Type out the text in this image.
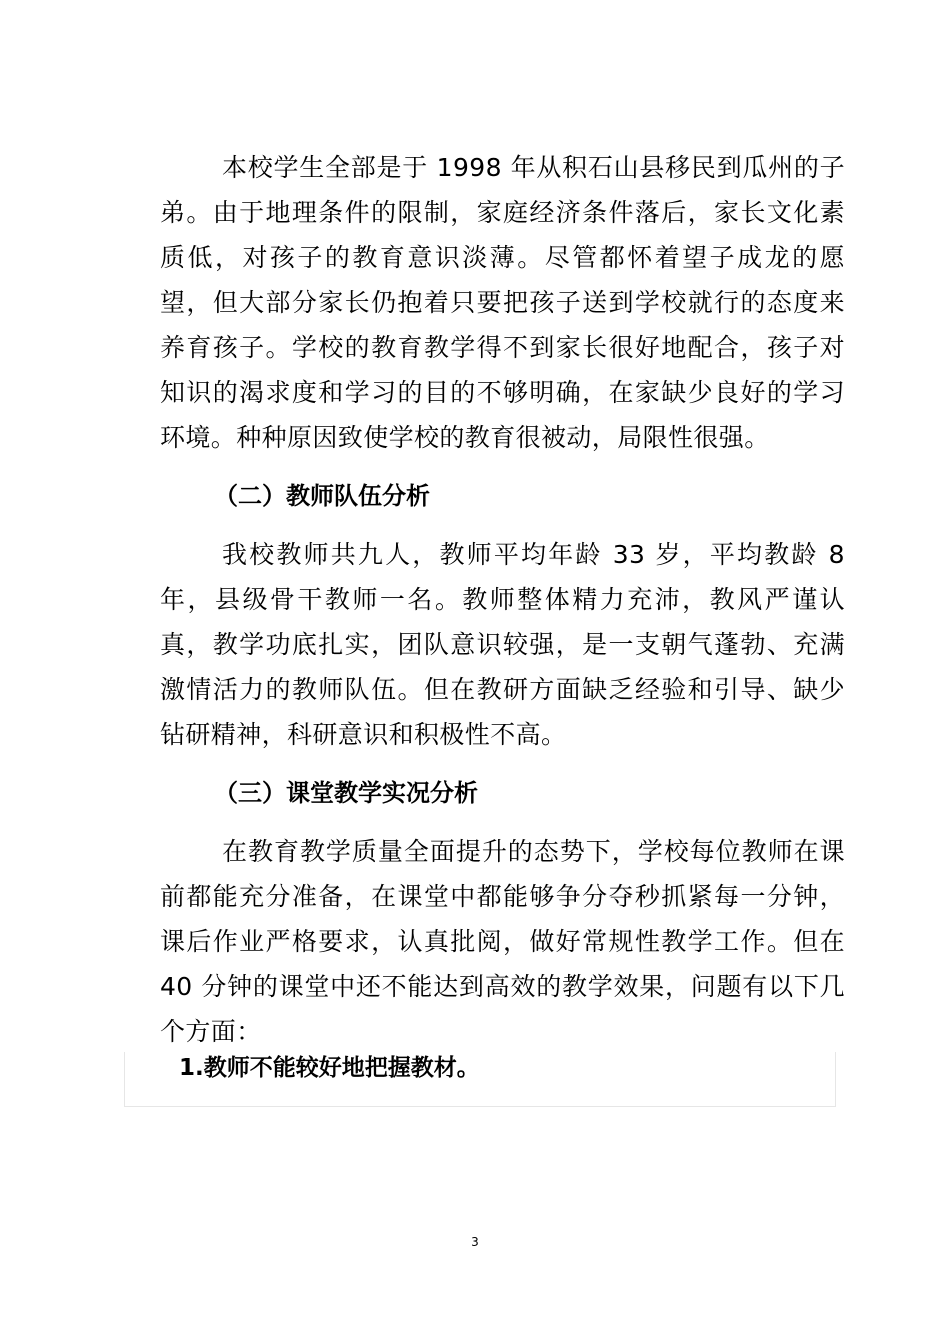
本校学生全部是于 1998 年从积石山县移民到瓜州的子弟。由于地理条件的限制，家庭经济条件落后，家长文化素质低，对孩子的教育意识淡薄。尽管都怀着望子成龙的愿望，但大部分家长仍抱着只要把孩子送到学校就行的态度来养育孩子。学校的教育教学得不到家长很好地配合，孩子对知识的渴求度和学习的目的不够明确，在家缺少良好的学习环境。种种原因致使学校的教育很被动，局限性很强。

（二）教师队伍分析

我校教师共九人，教师平均年龄 33 岁，平均教龄 8 年，县级骨干教师一名。教师整体精力充沛，教风严谨认真，教学功底扎实，团队意识较强，是一支朝气蓬勃、充满激情活力的教师队伍。但在教研方面缺乏经验和引导、缺少钻研精神，科研意识和积极性不高。

（三）课堂教学实况分析

在教育教学质量全面提升的态势下，学校每位教师在课前都能充分准备，在课堂中都能够争分夺秒抓紧每一分钟，课后作业严格要求，认真批阅，做好常规性教学工作。但在 40 分钟的课堂中还不能达到高效的教学效果，问题有以下几个方面：

1.教师不能较好地把握教材。

3
